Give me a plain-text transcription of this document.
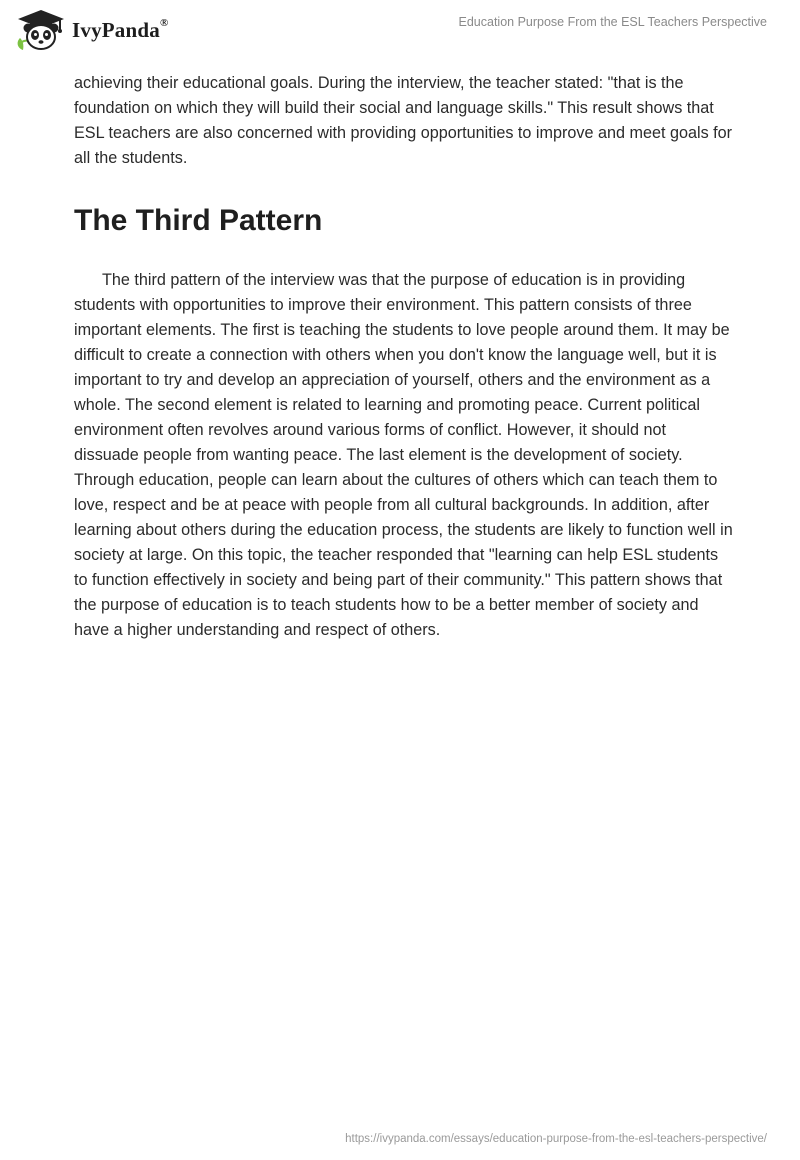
IvyPanda®	Education Purpose From the ESL Teachers Perspective

achieving their educational goals. During the interview, the teacher stated: "that is the foundation on which they will build their social and language skills." This result shows that ESL teachers are also concerned with providing opportunities to improve and meet goals for all the students.

The Third Pattern

The third pattern of the interview was that the purpose of education is in providing students with opportunities to improve their environment. This pattern consists of three important elements. The first is teaching the students to love people around them. It may be difficult to create a connection with others when you don't know the language well, but it is important to try and develop an appreciation of yourself, others and the environment as a whole. The second element is related to learning and promoting peace. Current political environment often revolves around various forms of conflict. However, it should not dissuade people from wanting peace. The last element is the development of society. Through education, people can learn about the cultures of others which can teach them to love, respect and be at peace with people from all cultural backgrounds. In addition, after learning about others during the education process, the students are likely to function well in society at large. On this topic, the teacher responded that "learning can help ESL students to function effectively in society and being part of their community." This pattern shows that the purpose of education is to teach students how to be a better member of society and have a higher understanding and respect of others.

https://ivypanda.com/essays/education-purpose-from-the-esl-teachers-perspective/
